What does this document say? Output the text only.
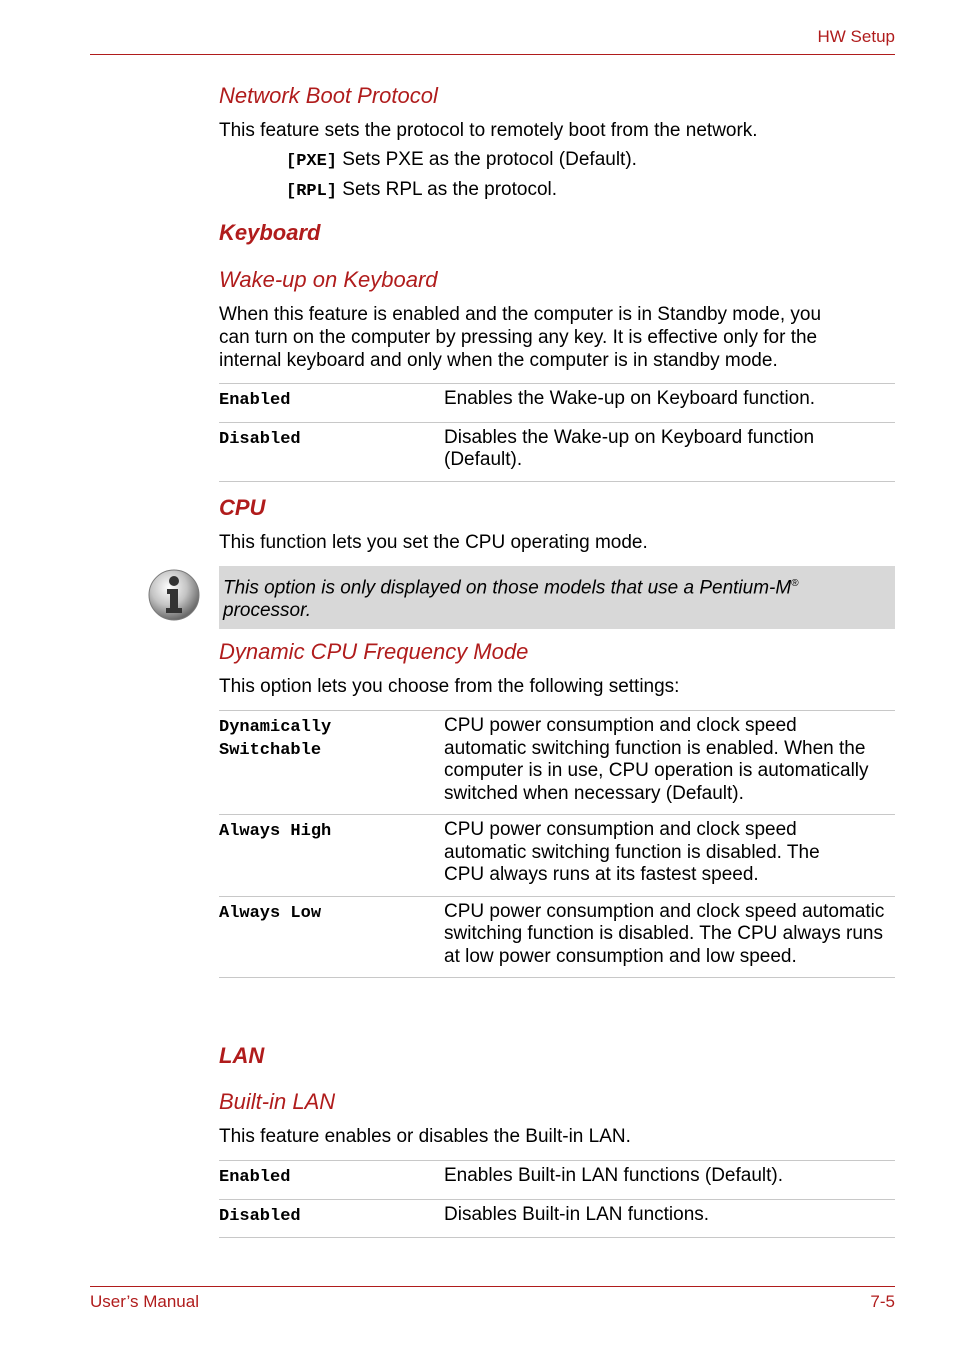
HW Setup
Network Boot Protocol
This feature sets the protocol to remotely boot from the network.
[PXE] Sets PXE as the protocol (Default).
[RPL] Sets RPL as the protocol.
Keyboard
Wake-up on Keyboard
When this feature is enabled and the computer is in Standby mode, you
can turn on the computer by pressing any key. It is effective only for the
internal keyboard and only when the computer is in standby mode.
Enabled	Enables the Wake-up on Keyboard function.
Disabled	Disables the Wake-up on Keyboard function (Default).
CPU
This function lets you set the CPU operating mode.
This option is only displayed on those models that use a Pentium-M®
processor.
Dynamic CPU Frequency Mode
This option lets you choose from the following settings:
Dynamically
Switchable	CPU power consumption and clock speed automatic switching function is enabled. When the computer is in use, CPU operation is automatically switched when necessary (Default).
Always High	CPU power consumption and clock speed automatic switching function is disabled. The CPU always runs at its fastest speed.
Always Low	CPU power consumption and clock speed automatic switching function is disabled. The CPU always runs at low power consumption and low speed.
LAN
Built-in LAN
This feature enables or disables the Built-in LAN.
Enabled	Enables Built-in LAN functions (Default).
Disabled	Disables Built-in LAN functions.
User’s Manual	7-5
